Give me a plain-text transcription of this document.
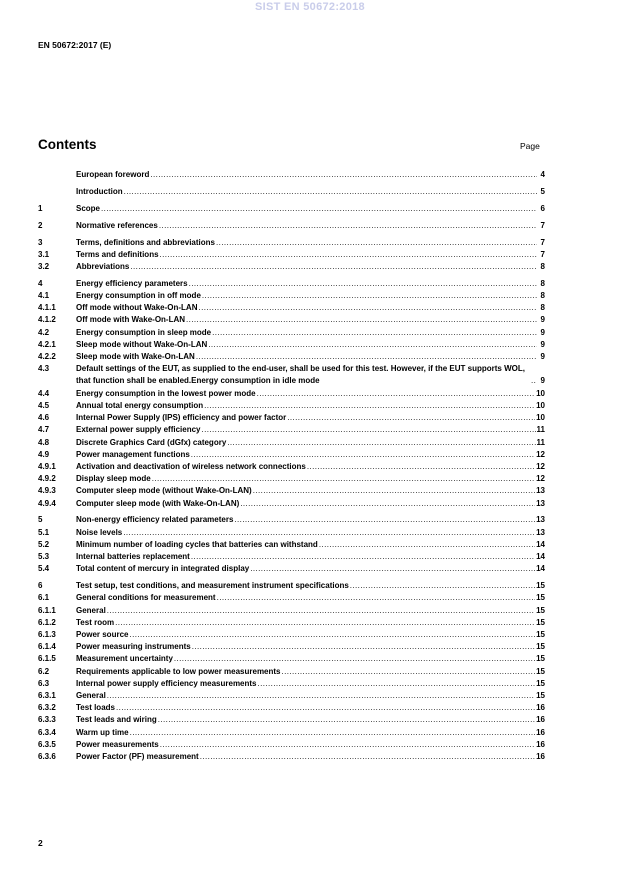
SIST EN 50672:2018
EN 50672:2017 (E)
Contents	Page
European foreword .....	4
Introduction .....	5
1	Scope .....	6
2	Normative references .....	7
3	Terms, definitions and abbreviations .....	7
3.1	Terms and definitions .....	7
3.2	Abbreviations .....	8
4	Energy efficiency parameters .....	8
4.1	Energy consumption in off mode .....	8
4.1.1	Off mode without Wake-On-LAN .....	8
4.1.2	Off mode with Wake-On-LAN .....	9
4.2	Energy consumption in sleep mode .....	9
4.2.1	Sleep mode without Wake-On-LAN .....	9
4.2.2	Sleep mode with Wake-On-LAN .....	9
4.3	Default settings of the EUT, as supplied to the end-user, shall be used for this test. However, if the EUT supports WOL, that function shall be enabled.Energy consumption in idle mode .....	9
4.4	Energy consumption in the lowest power mode .....	10
4.5	Annual total energy consumption .....	10
4.6	Internal Power Supply (IPS) efficiency and power factor .....	10
4.7	External power supply efficiency .....	11
4.8	Discrete Graphics Card (dGfx) category .....	11
4.9	Power management functions .....	12
4.9.1	Activation and deactivation of wireless network connections .....	12
4.9.2	Display sleep mode .....	12
4.9.3	Computer sleep mode (without Wake-On-LAN) .....	13
4.9.4	Computer sleep mode (with Wake-On-LAN) .....	13
5	Non-energy efficiency related parameters .....	13
5.1	Noise levels .....	13
5.2	Minimum number of loading cycles that batteries can withstand .....	14
5.3	Internal batteries replacement .....	14
5.4	Total content of mercury in integrated display .....	14
6	Test setup, test conditions, and measurement instrument specifications .....	15
6.1	General conditions for measurement .....	15
6.1.1	General .....	15
6.1.2	Test room .....	15
6.1.3	Power source .....	15
6.1.4	Power measuring instruments .....	15
6.1.5	Measurement uncertainty .....	15
6.2	Requirements applicable to low power measurements .....	15
6.3	Internal power supply efficiency measurements .....	15
6.3.1	General .....	15
6.3.2	Test loads .....	16
6.3.3	Test leads and wiring .....	16
6.3.4	Warm up time .....	16
6.3.5	Power measurements .....	16
6.3.6	Power Factor (PF) measurement .....	16
2
